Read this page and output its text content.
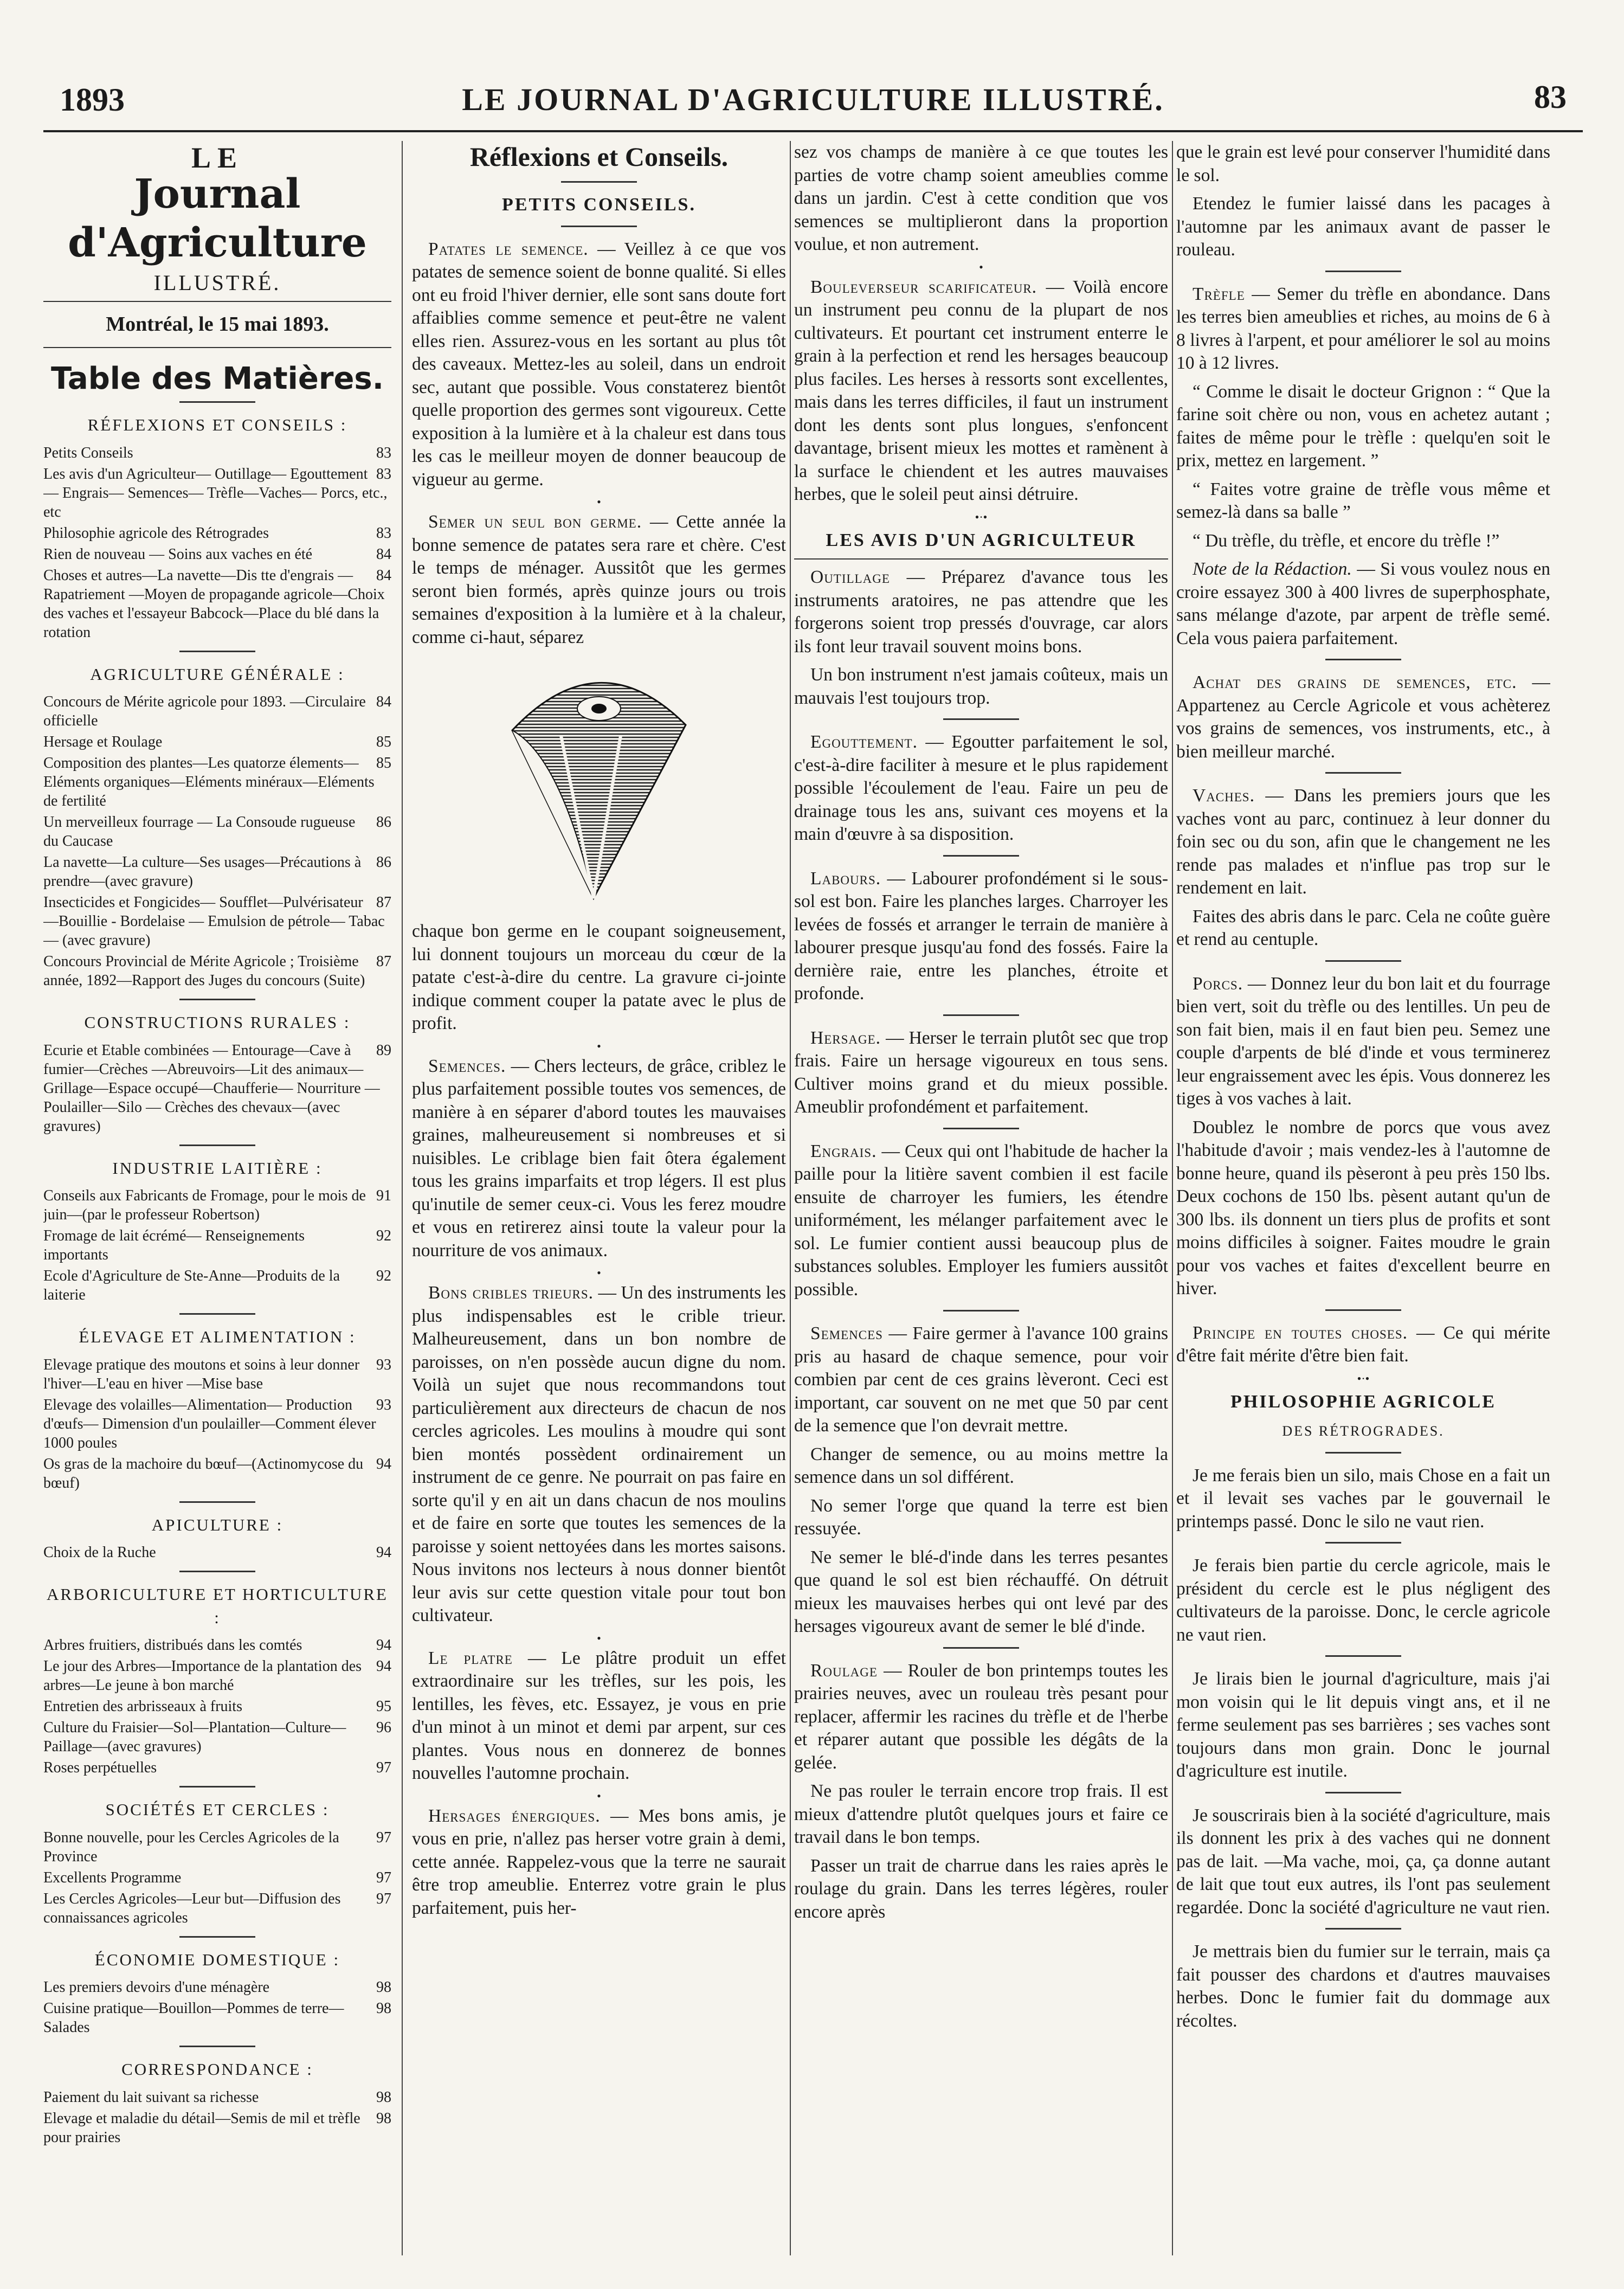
1893	LE JOURNAL D'AGRICULTURE ILLUSTRÉ.	83
LE
Journal d'Agriculture
ILLUSTRÉ.
Montréal, le 15 mai 1893.
Table des Matières.
RÉFLEXIONS ET CONSEILS :
83
Petits Conseils
83
Les avis d'un Agriculteur— Outillage— Egouttement— Engrais— Semences— Trèfle—Vaches— Porcs, etc., etc
83
Philosophie agricole des Rétrogrades
84
Rien de nouveau — Soins aux vaches en été
84
Choses et autres—La navette—Dis tte d'engrais — Rapatriement —Moyen de propagande agricole—Choix des vaches et l'essayeur Babcock—Place du blé dans la rotation
AGRICULTURE GÉNÉRALE :
84
Concours de Mérite agricole pour 1893. —Circulaire officielle
85
Hersage et Roulage
85
Composition des plantes—Les quatorze élements—Eléments organiques—Eléments minéraux—Eléments de fertilité
86
Un merveilleux fourrage — La Consoude rugueuse du Caucase
86
La navette—La culture—Ses usages—Précautions à prendre—(avec gravure)
87
Insecticides et Fongicides— Soufflet—Pulvérisateur —Bouillie - Bordelaise — Emulsion de pétrole— Tabac — (avec gravure)
87
Concours Provincial de Mérite Agricole ; Troisième année, 1892—Rapport des Juges du concours (Suite)
CONSTRUCTIONS RURALES :
89
Ecurie et Etable combinées — Entourage—Cave à fumier—Crèches —Abreuvoirs—Lit des animaux—Grillage—Espace occupé—Chaufferie— Nourriture —Poulailler—Silo — Crèches des chevaux—(avec gravures)
INDUSTRIE LAITIÈRE :
91
Conseils aux Fabricants de Fromage, pour le mois de juin—(par le professeur Robertson)
92
Fromage de lait écrémé— Renseignements importants
92
Ecole d'Agriculture de Ste-Anne—Produits de la laiterie
ÉLEVAGE ET ALIMENTATION :
93
Elevage pratique des moutons et soins à leur donner l'hiver—L'eau en hiver —Mise base
93
Elevage des volailles—Alimentation— Production d'œufs— Dimension d'un poulailler—Comment élever 1000 poules
94
Os gras de la machoire du bœuf—(Actinomycose du bœuf)
APICULTURE :
94
Choix de la Ruche
ARBORICULTURE ET HORTICULTURE :
94
Arbres fruitiers, distribués dans les comtés
94
Le jour des Arbres—Importance de la plantation des arbres—Le jeune à bon marché
95
Entretien des arbrisseaux à fruits
96
Culture du Fraisier—Sol—Plantation—Culture—Paillage—(avec gravures)
97
Roses perpétuelles
SOCIÉTÉS ET CERCLES :
97
Bonne nouvelle, pour les Cercles Agricoles de la Province
97
Excellents Programme
97
Les Cercles Agricoles—Leur but—Diffusion des connaissances agricoles
ÉCONOMIE DOMESTIQUE :
98
Les premiers devoirs d'une ménagère
98
Cuisine pratique—Bouillon—Pommes de terre—Salades
CORRESPONDANCE :
98
Paiement du lait suivant sa richesse
98
Elevage et maladie du détail—Semis de mil et trèfle pour prairies
Réflexions et Conseils.
PETITS CONSEILS.

Patates le semence. — Veillez à ce que vos patates de semence soient de bonne qualité. Si elles ont eu froid l'hiver dernier, elle sont sans doute fort affaiblies comme semence et peut-être ne valent elles rien. Assurez-vous en les sortant au plus tôt des caveaux. Mettez-les au soleil, dans un endroit sec, autant que possible. Vous constaterez bientôt quelle proportion des germes sont vigoureux. Cette exposition à la lumière et à la chaleur est dans tous les cas le meilleur moyen de donner beaucoup de vigueur au germe.

•

Semer un seul bon germe. — Cette année la bonne semence de patates sera rare et chère. C'est le temps de ménager. Aussitôt que les germes seront bien formés, après quinze jours ou trois semaines d'exposition à la lumière et à la chaleur, comme ci-haut, séparez

chaque bon germe en le coupant soigneusement, lui donnent toujours un morceau du cœur de la patate c'est-à-dire du centre. La gravure ci-jointe indique comment couper la patate avec le plus de profit.

•

Semences. — Chers lecteurs, de grâce, criblez le plus parfaitement possible toutes vos semences, de manière à en séparer d'abord toutes les mauvaises graines, malheureusement si nombreuses et si nuisibles. Le criblage bien fait ôtera également tous les grains imparfaits et trop légers. Il est plus qu'inutile de semer ceux-ci. Vous les ferez moudre et vous en retirerez ainsi toute la valeur pour la nourriture de vos animaux.

•

Bons cribles trieurs. — Un des instruments les plus indispensables est le crible trieur. Malheureusement, dans un bon nombre de paroisses, on n'en possède aucun digne du nom. Voilà un sujet que nous recommandons tout particulièrement aux directeurs de chacun de nos cercles agricoles. Les moulins à moudre qui sont bien montés possèdent ordinairement un instrument de ce genre. Ne pourrait on pas faire en sorte qu'il y en ait un dans chacun de nos moulins et de faire en sorte que toutes les semences de la paroisse y soient nettoyées dans les mortes saisons. Nous invitons nos lecteurs à nous donner bientôt leur avis sur cette question vitale pour tout bon cultivateur.

•

Le platre — Le plâtre produit un effet extraordinaire sur les trèfles, sur les pois, les lentilles, les fèves, etc. Essayez, je vous en prie d'un minot à un minot et demi par arpent, sur ces plantes. Vous nous en donnerez de bonnes nouvelles l'automne prochain.

•

Hersages énergiques. — Mes bons amis, je vous en prie, n'allez pas herser votre grain à demi, cette année. Rappelez-vous que la terre ne saurait être trop ameublie. Enterrez votre grain le plus parfaitement, puis her-

sez vos champs de manière à ce que toutes les parties de votre champ soient ameublies comme dans un jardin. C'est à cette condition que vos semences se multiplieront dans la proportion voulue, et non autrement.

•

Bouleverseur scarificateur. — Voilà encore un instrument peu connu de la plupart de nos cultivateurs. Et pourtant cet instrument enterre le grain à la perfection et rend les hersages beaucoup plus faciles. Les herses à ressorts sont excellentes, mais dans les terres difficiles, il faut un instrument dont les dents sont plus longues, s'enfoncent davantage, brisent mieux les mottes et ramènent à la surface le chiendent et les autres mauvaises herbes, que le soleil peut ainsi détruire.

•·•
LES AVIS D'UN AGRICULTEUR

Outillage — Préparez d'avance tous les instruments aratoires, ne pas attendre que les forgerons soient trop pressés d'ouvrage, car alors ils font leur travail souvent moins bons.

Un bon instrument n'est jamais coûteux, mais un mauvais l'est toujours trop.

Egouttement. — Egoutter parfaitement le sol, c'est-à-dire faciliter à mesure et le plus rapidement possible l'écoulement de l'eau. Faire un peu de drainage tous les ans, suivant ces moyens et la main d'œuvre à sa disposition.

Labours. — Labourer profondément si le sous-sol est bon. Faire les planches larges. Charroyer les levées de fossés et arranger le terrain de manière à labourer presque jusqu'au fond des fossés. Faire la dernière raie, entre les planches, étroite et profonde.

Hersage. — Herser le terrain plutôt sec que trop frais. Faire un hersage vigoureux en tous sens. Cultiver moins grand et du mieux possible. Ameublir profondément et parfaitement.

Engrais. — Ceux qui ont l'habitude de hacher la paille pour la litière savent combien il est facile ensuite de charroyer les fumiers, les étendre uniformément, les mélanger parfaitement avec le sol. Le fumier contient aussi beaucoup plus de substances solubles. Employer les fumiers aussitôt possible.

Semences — Faire germer à l'avance 100 grains pris au hasard de chaque semence, pour voir combien par cent de ces grains lèveront. Ceci est important, car souvent on ne met que 50 par cent de la semence que l'on devrait mettre.

Changer de semence, ou au moins mettre la semence dans un sol différent.

No semer l'orge que quand la terre est bien ressuyée.

Ne semer le blé-d'inde dans les terres pesantes que quand le sol est bien réchauffé. On détruit mieux les mauvaises herbes qui ont levé par des hersages vigoureux avant de semer le blé d'inde.

Roulage — Rouler de bon printemps toutes les prairies neuves, avec un rouleau très pesant pour replacer, affermir les racines du trèfle et de l'herbe et réparer autant que possible les dégâts de la gelée.

Ne pas rouler le terrain encore trop frais. Il est mieux d'attendre plutôt quelques jours et faire ce travail dans le bon temps.

Passer un trait de charrue dans les raies après le roulage du grain. Dans les terres légères, rouler encore après

que le grain est levé pour conserver l'humidité dans le sol.

Etendez le fumier laissé dans les pacages à l'automne par les animaux avant de passer le rouleau.

Trèfle — Semer du trèfle en abondance. Dans les terres bien ameublies et riches, au moins de 6 à 8 livres à l'arpent, et pour améliorer le sol au moins 10 à 12 livres.

“ Comme le disait le docteur Grignon : “ Que la farine soit chère ou non, vous en achetez autant ; faites de même pour le trèfle : quelqu'en soit le prix, mettez en largement. ”

“ Faites votre graine de trèfle vous même et semez-là dans sa balle ”

“ Du trèfle, du trèfle, et encore du trèfle !”

Note de la Rédaction. — Si vous voulez nous en croire essayez 300 à 400 livres de superphosphate, sans mélange d'azote, par arpent de trèfle semé. Cela vous paiera parfaitement.

Achat des grains de semences, etc. — Appartenez au Cercle Agricole et vous achèterez vos grains de semences, vos instruments, etc., à bien meilleur marché.

Vaches. — Dans les premiers jours que les vaches vont au parc, continuez à leur donner du foin sec ou du son, afin que le changement ne les rende pas malades et n'influe pas trop sur le rendement en lait.

Faites des abris dans le parc. Cela ne coûte guère et rend au centuple.

Porcs. — Donnez leur du bon lait et du fourrage bien vert, soit du trèfle ou des lentilles. Un peu de son fait bien, mais il en faut bien peu. Semez une couple d'arpents de blé d'inde et vous terminerez leur engraissement avec les épis. Vous donnerez les tiges à vos vaches à lait.

Doublez le nombre de porcs que vous avez l'habitude d'avoir ; mais vendez-les à l'automne de bonne heure, quand ils pèseront à peu près 150 lbs. Deux cochons de 150 lbs. pèsent autant qu'un de 300 lbs. ils donnent un tiers plus de profits et sont moins difficiles à soigner. Faites moudre le grain pour vos vaches et faites d'excellent beurre en hiver.

Principe en toutes choses. — Ce qui mérite d'être fait mérite d'être bien fait.

•·•
PHILOSOPHIE AGRICOLE
DES RÉTROGRADES.

Je me ferais bien un silo, mais Chose en a fait un et il levait ses vaches par le gouvernail le printemps passé. Donc le silo ne vaut rien.

Je ferais bien partie du cercle agricole, mais le président du cercle est le plus négligent des cultivateurs de la paroisse. Donc, le cercle agricole ne vaut rien.

Je lirais bien le journal d'agriculture, mais j'ai mon voisin qui le lit depuis vingt ans, et il ne ferme seulement pas ses barrières ; ses vaches sont toujours dans mon grain. Donc le journal d'agriculture est inutile.

Je souscrirais bien à la société d'agriculture, mais ils donnent les prix à des vaches qui ne donnent pas de lait. —Ma vache, moi, ça, ça donne autant de lait que tout eux autres, ils l'ont pas seulement regardée. Donc la société d'agriculture ne vaut rien.

Je mettrais bien du fumier sur le terrain, mais ça fait pousser des chardons et d'autres mauvaises herbes. Donc le fumier fait du dommage aux récoltes.
